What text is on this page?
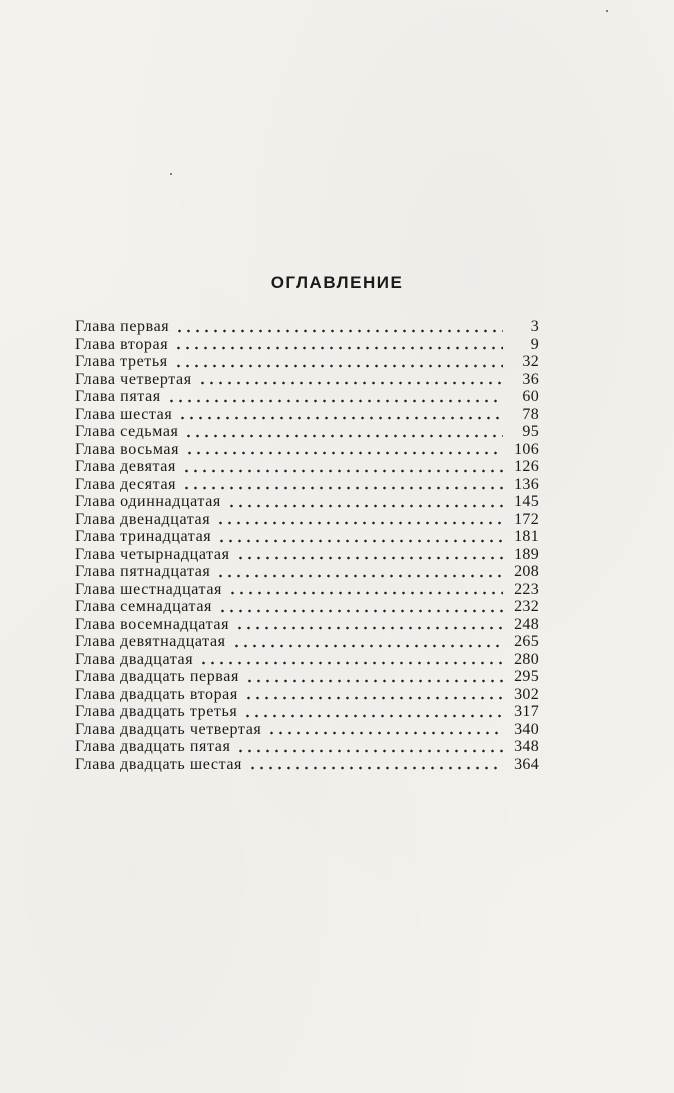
ОГЛАВЛЕНИЕ
Глава первая	3
Глава вторая	9
Глава третья	32
Глава четвертая	36
Глава пятая	60
Глава шестая	78
Глава седьмая	95
Глава восьмая	106
Глава девятая	126
Глава десятая	136
Глава одиннадцатая	145
Глава двенадцатая	172
Глава тринадцатая	181
Глава четырнадцатая	189
Глава пятнадцатая	208
Глава шестнадцатая	223
Глава семнадцатая	232
Глава восемнадцатая	248
Глава девятнадцатая	265
Глава двадцатая	280
Глава двадцать первая	295
Глава двадцать вторая	302
Глава двадцать третья	317
Глава двадцать четвертая	340
Глава двадцать пятая	348
Глава двадцать шестая	364
